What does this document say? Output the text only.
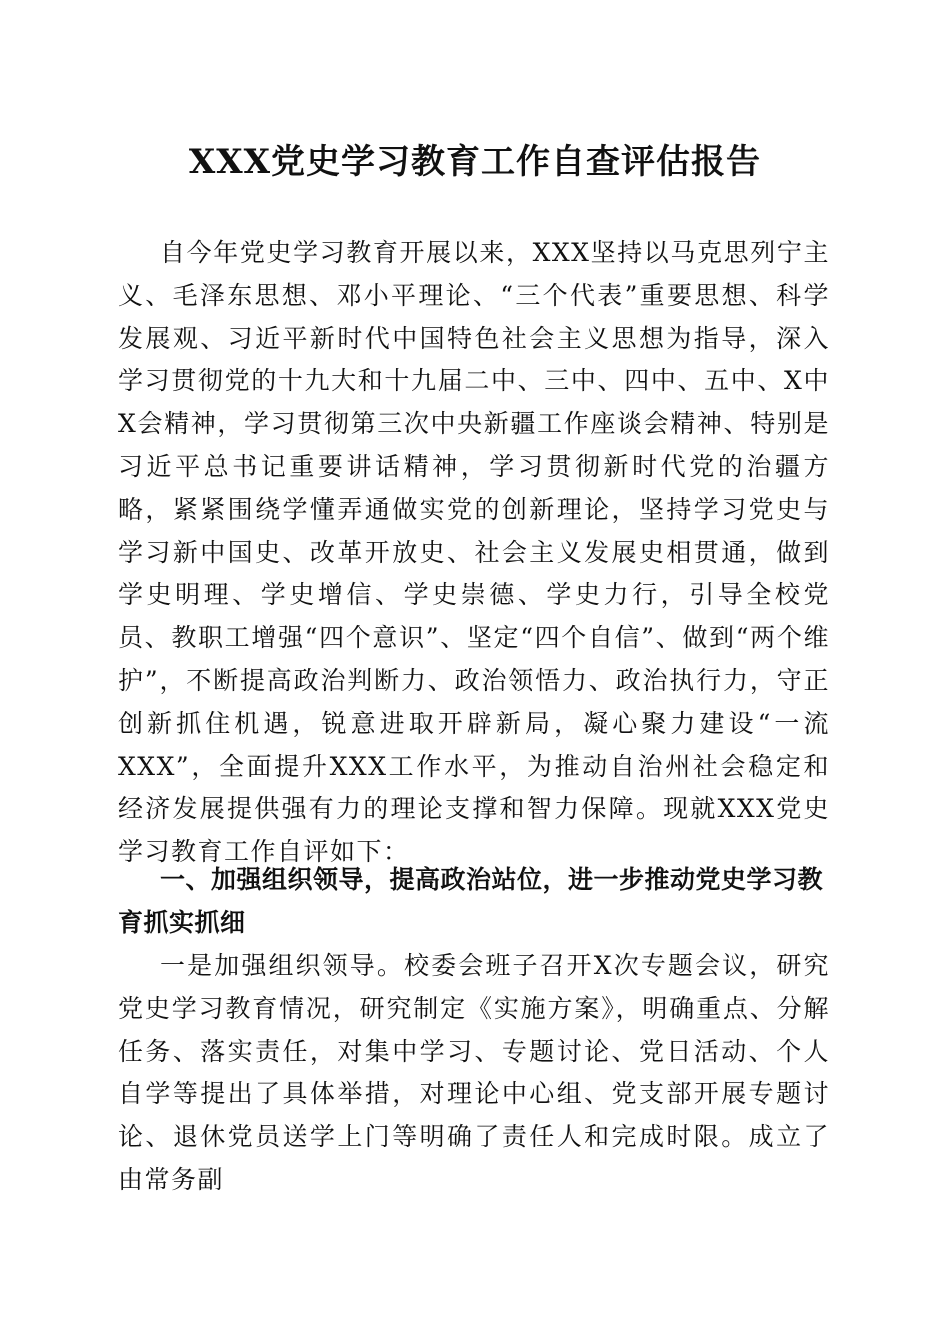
XXX党史学习教育工作自查评估报告
自今年党史学习教育开展以来，XXX坚持以马克思列宁主义、毛泽东思想、邓小平理论、“三个代表”重要思想、科学发展观、习近平新时代中国特色社会主义思想为指导，深入学习贯彻党的十九大和十九届二中、三中、四中、五中、X中X会精神，学习贯彻第三次中央新疆工作座谈会精神、特别是习近平总书记重要讲话精神，学习贯彻新时代党的治疆方略，紧紧围绕学懂弄通做实党的创新理论，坚持学习党史与学习新中国史、改革开放史、社会主义发展史相贯通，做到学史明理、学史增信、学史崇德、学史力行，引导全校党员、教职工增强“四个意识”、坚定“四个自信”、做到“两个维护”，不断提高政治判断力、政治领悟力、政治执行力，守正创新抓住机遇，锐意进取开辟新局，凝心聚力建设“一流XXX”，全面提升XXX工作水平，为推动自治州社会稳定和经济发展提供强有力的理论支撑和智力保障。现就XXX党史学习教育工作自评如下：
一、加强组织领导，提高政治站位，进一步推动党史学习教育抓实抓细
一是加强组织领导。校委会班子召开X次专题会议，研究党史学习教育情况，研究制定《实施方案》，明确重点、分解任务、落实责任，对集中学习、专题讨论、党日活动、个人自学等提出了具体举措，对理论中心组、党支部开展专题讨论、退休党员送学上门等明确了责任人和完成时限。成立了由常务副
